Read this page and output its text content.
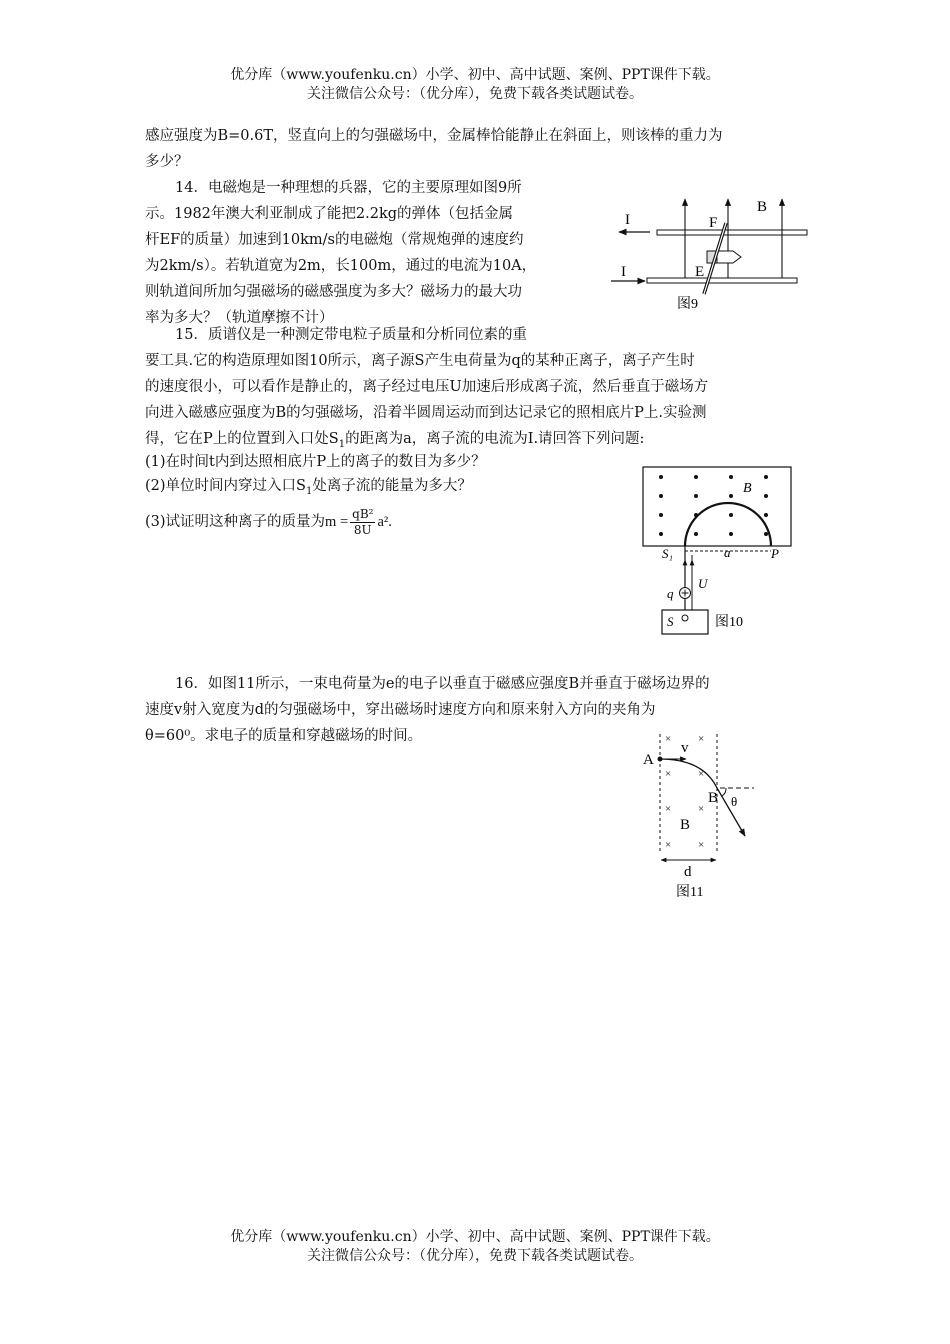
优分库（www.youfenku.cn）小学、初中、高中试题、案例、PPT课件下载。
关注微信公众号：（优分库），免费下载各类试题试卷。
感应强度为B=0.6T，竖直向上的匀强磁场中，金属棒恰能静止在斜面上，则该棒的重力为
多少？
14．电磁炮是一种理想的兵器，它的主要原理如图9所
示。1982年澳大利亚制成了能把2.2kg的弹体（包括金属
杆EF的质量）加速到10km/s的电磁炮（常规炮弹的速度约
为2km/s）。若轨道宽为2m，长100m，通过的电流为10A，
则轨道间所加匀强磁场的磁感强度为多大？磁场力的最大功
率为多大？（轨道摩擦不计）
I
I
F
E
B
图9
15．质谱仪是一种测定带电粒子质量和分析同位素的重
要工具.它的构造原理如图10所示，离子源S产生电荷量为q的某种正离子，离子产生时
的速度很小，可以看作是静止的，离子经过电压U加速后形成离子流，然后垂直于磁场方
向进入磁感应强度为B的匀强磁场，沿着半圆周运动而到达记录它的照相底片P上.实验测
得，它在P上的位置到入口处$S_1$的距离为a，离子流的电流为I.请回答下列问题:
(1)在时间t内到达照相底片P上的离子的数目为多少？
(2)单位时间内穿过入口$S_1$处离子流的能量为多大？
(3)试证明这种离子的质量为$m = \frac{\text{qB²}}{8U} a^2$.
B
S₁	a	P
U
q
S	图10
16．如图11所示，一束电荷量为e的电子以垂直于磁感应强度B并垂直于磁场边界的
速度v射入宽度为d的匀强磁场中，穿出磁场时速度方向和原来射入方向的夹角为
θ=60⁰。求电子的质量和穿越磁场的时间。	× ×
× ×
× ×
× ×
A
v
B θ
B
d
图11
优分库（www.youfenku.cn）小学、初中、高中试题、案例、PPT课件下载。
关注微信公众号：（优分库），免费下载各类试题试卷。
